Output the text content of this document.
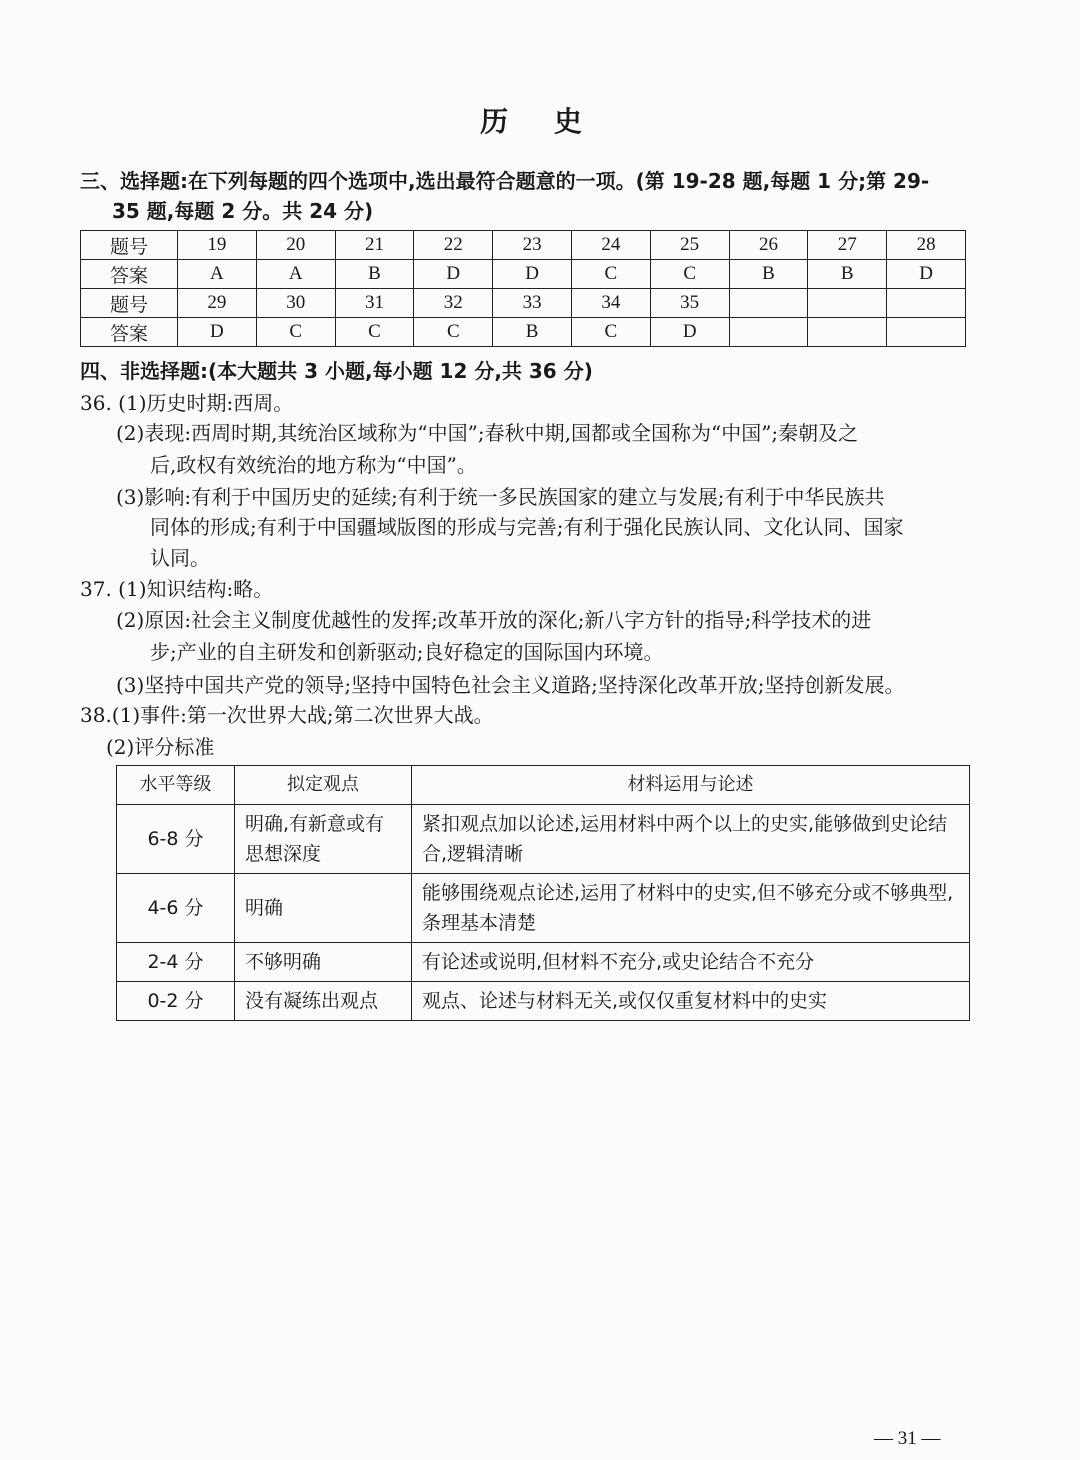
历 史
三、选择题:在下列每题的四个选项中,选出最符合题意的一项。(第 19-28 题,每题 1 分;第 29-
35 题,每题 2 分。共 24 分)
题号	19	20	21	22	23	24	25	26	27	28
答案	A	A	B	D	D	C	C	B	B	D
题号	29	30	31	32	33	34	35			
答案	D	C	C	C	B	C	D			
四、非选择题:(本大题共 3 小题,每小题 12 分,共 36 分)
36. (1)历史时期:西周。
(2)表现:西周时期,其统治区域称为“中国”;春秋中期,国都或全国称为“中国”;秦朝及之
后,政权有效统治的地方称为“中国”。
(3)影响:有利于中国历史的延续;有利于统一多民族国家的建立与发展;有利于中华民族共
同体的形成;有利于中国疆域版图的形成与完善;有利于强化民族认同、文化认同、国家
认同。
37. (1)知识结构:略。
(2)原因:社会主义制度优越性的发挥;改革开放的深化;新八字方针的指导;科学技术的进
步;产业的自主研发和创新驱动;良好稳定的国际国内环境。
(3)坚持中国共产党的领导;坚持中国特色社会主义道路;坚持深化改革开放;坚持创新发展。
38.(1)事件:第一次世界大战;第二次世界大战。
(2)评分标准
水平等级	拟定观点	材料运用与论述
6-8 分	明确,有新意或有思想深度	紧扣观点加以论述,运用材料中两个以上的史实,能够做到史论结合,逻辑清晰
4-6 分	明确	能够围绕观点论述,运用了材料中的史实,但不够充分或不够典型,条理基本清楚
2-4 分	不够明确	有论述或说明,但材料不充分,或史论结合不充分
0-2 分	没有凝练出观点	观点、论述与材料无关,或仅仅重复材料中的史实
— 31 —
